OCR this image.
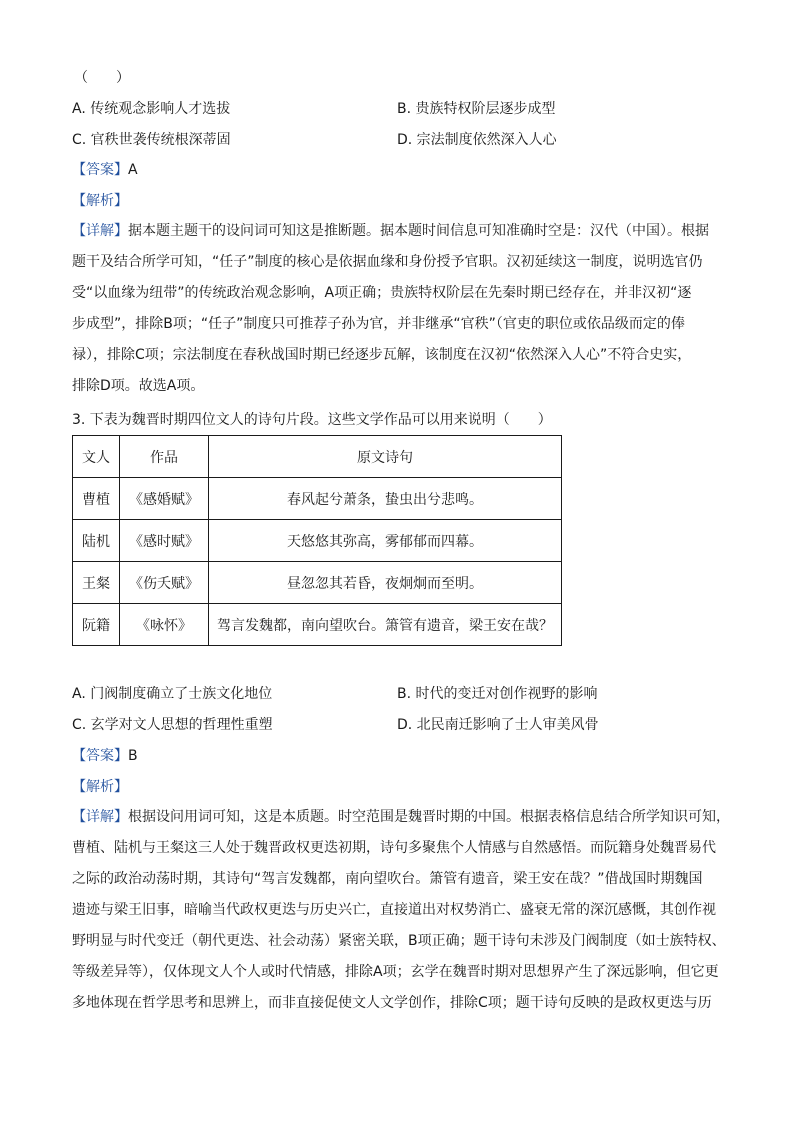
（　　）
A. 传统观念影响人才选拔	B. 贵族特权阶层逐步成型
C. 官秩世袭传统根深蒂固	D. 宗法制度依然深入人心
【答案】A
【解析】
【详解】据本题主题干的设问词可知这是推断题。据本题时间信息可知准确时空是：汉代（中国）。根据
题干及结合所学可知，“任子”制度的核心是依据血缘和身份授予官职。汉初延续这一制度，说明选官仍
受“以血缘为纽带”的传统政治观念影响，A项正确；贵族特权阶层在先秦时期已经存在，并非汉初“逐
步成型”，排除B项；“任子”制度只可推荐子孙为官，并非继承“官秩”（官吏的职位或依品级而定的俸
禄），排除C项；宗法制度在春秋战国时期已经逐步瓦解，该制度在汉初“依然深入人心”不符合史实，
排除D项。故选A项。
3. 下表为魏晋时期四位文人的诗句片段。这些文学作品可以用来说明（　　）
文人	作品	原文诗句
曹植	《感婚赋》	春风起兮萧条，蛰虫出兮悲鸣。
陆机	《感时赋》	天悠悠其弥高，雾郁郁而四幕。
王粲	《伤夭赋》	昼忽忽其若昏，夜炯炯而至明。
阮籍	《咏怀》	驾言发魏都，南向望吹台。箫管有遗音，梁王安在哉？
A. 门阀制度确立了士族文化地位	B. 时代的变迁对创作视野的影响
C. 玄学对文人思想的哲理性重塑	D. 北民南迁影响了士人审美风骨
【答案】B
【解析】
【详解】根据设问用词可知，这是本质题。时空范围是魏晋时期的中国。根据表格信息结合所学知识可知，
曹植、陆机与王粲这三人处于魏晋政权更迭初期，诗句多聚焦个人情感与自然感悟。而阮籍身处魏晋易代
之际的政治动荡时期，其诗句“驾言发魏都，南向望吹台。箫管有遗音，梁王安在哉？”借战国时期魏国
遗迹与梁王旧事，暗喻当代政权更迭与历史兴亡，直接道出对权势消亡、盛衰无常的深沉感慨，其创作视
野明显与时代变迁（朝代更迭、社会动荡）紧密关联，B项正确；题干诗句未涉及门阀制度（如士族特权、
等级差异等），仅体现文人个人或时代情感，排除A项；玄学在魏晋时期对思想界产生了深远影响，但它更
多地体现在哲学思考和思辨上，而非直接促使文人文学创作，排除C项；题干诗句反映的是政权更迭与历
